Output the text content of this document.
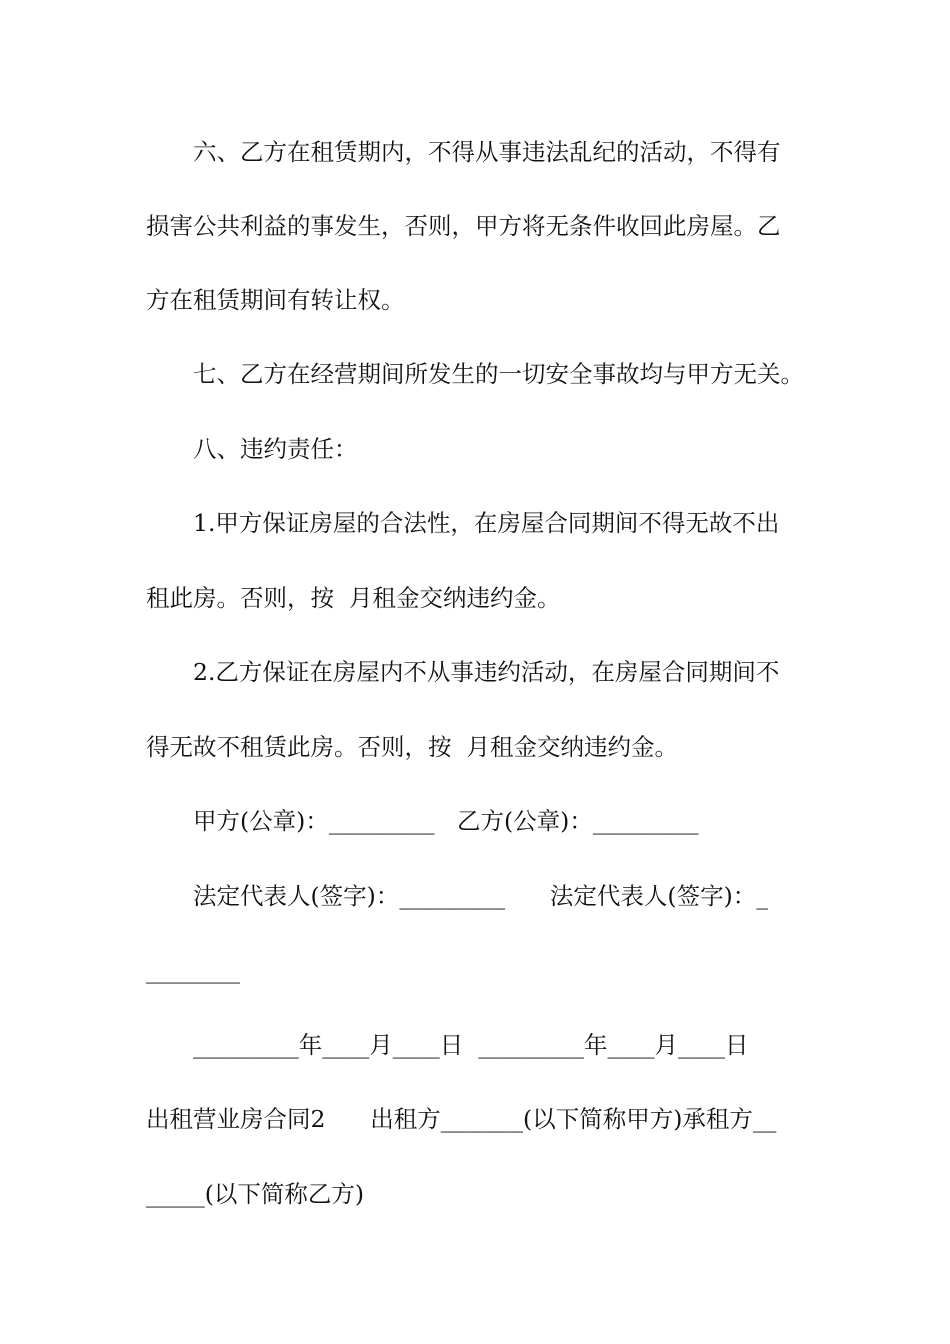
六、乙方在租赁期内，不得从事违法乱纪的活动，不得有
损害公共利益的事发生，否则，甲方将无条件收回此房屋。乙
方在租赁期间有转让权。
七、乙方在经营期间所发生的一切安全事故均与甲方无关。
八、违约责任：
1.甲方保证房屋的合法性，在房屋合同期间不得无故不出
租此房。否则，按  月租金交纳违约金。
2.乙方保证在房屋内不从事违约活动，在房屋合同期间不
得无故不租赁此房。否则，按  月租金交纳违约金。
甲方(公章)：_________   乙方(公章)：_________
法定代表人(签字)：_________      法定代表人(签字)：_
________
_________年____月____日  _________年____月____日
出租营业房合同2      出租方_______(以下简称甲方)承租方__
_____(以下简称乙方)
